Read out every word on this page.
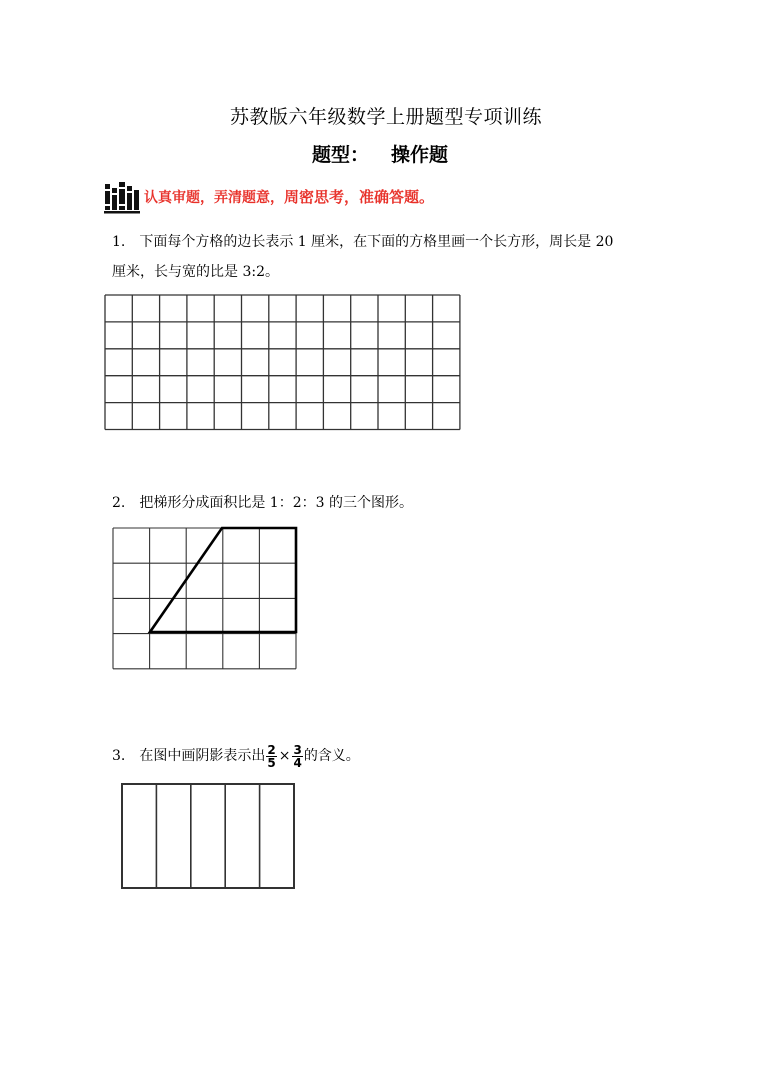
苏教版六年级数学上册题型专项训练
题型： 操作题
认真审题，弄清题意，周密思考，准确答题。
1. 下面每个方格的边长表示 1 厘米，在下面的方格里画一个长方形，周长是 20
厘米，长与宽的比是 3:2。
2. 把梯形分成面积比是 1：2：3 的三个图形。
3. 在图中画阴影表示出 $\frac{2}{5} \times \frac{3}{4}$ 的含义。
